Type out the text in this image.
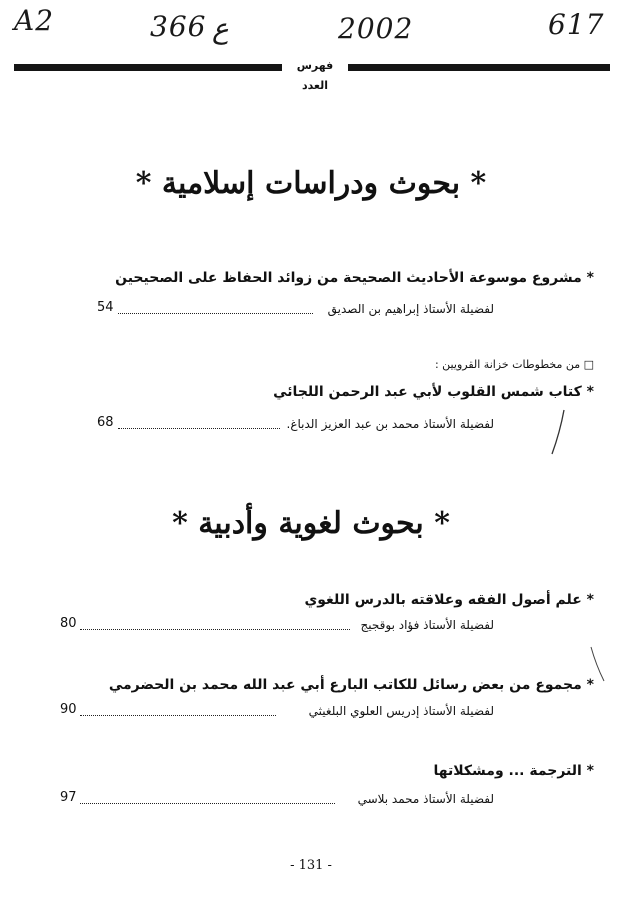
A2	366 ع	2002	617
فهرس العدد
* بحوث ودراسات إسلامية *
* مشروع موسوعة الأحاديث الصحيحة من زوائد الحفاظ على الصحيحين
لفضيلة الأستاذ إبراهيم بن الصديق
54
□ من مخطوطات خزانة القرويين :
* كتاب شمس القلوب لأبي عبد الرحمن اللجائي
لفضيلة الأستاذ محمد بن عبد العزيز الدباغ.
68
* بحوث لغوية وأدبية *
* علم أصول الفقه وعلاقته بالدرس اللغوي
لفضيلة الأستاذ فؤاد بوقجيج
80
* مجموع من بعض رسائل للكاتب البارع أبي عبد الله محمد بن الحضرمي
لفضيلة الأستاذ إدريس العلوي البلغيثي
90
* الترجمة ... ومشكلاتها
لفضيلة الأستاذ محمد بلاسي
97
- 131 -
